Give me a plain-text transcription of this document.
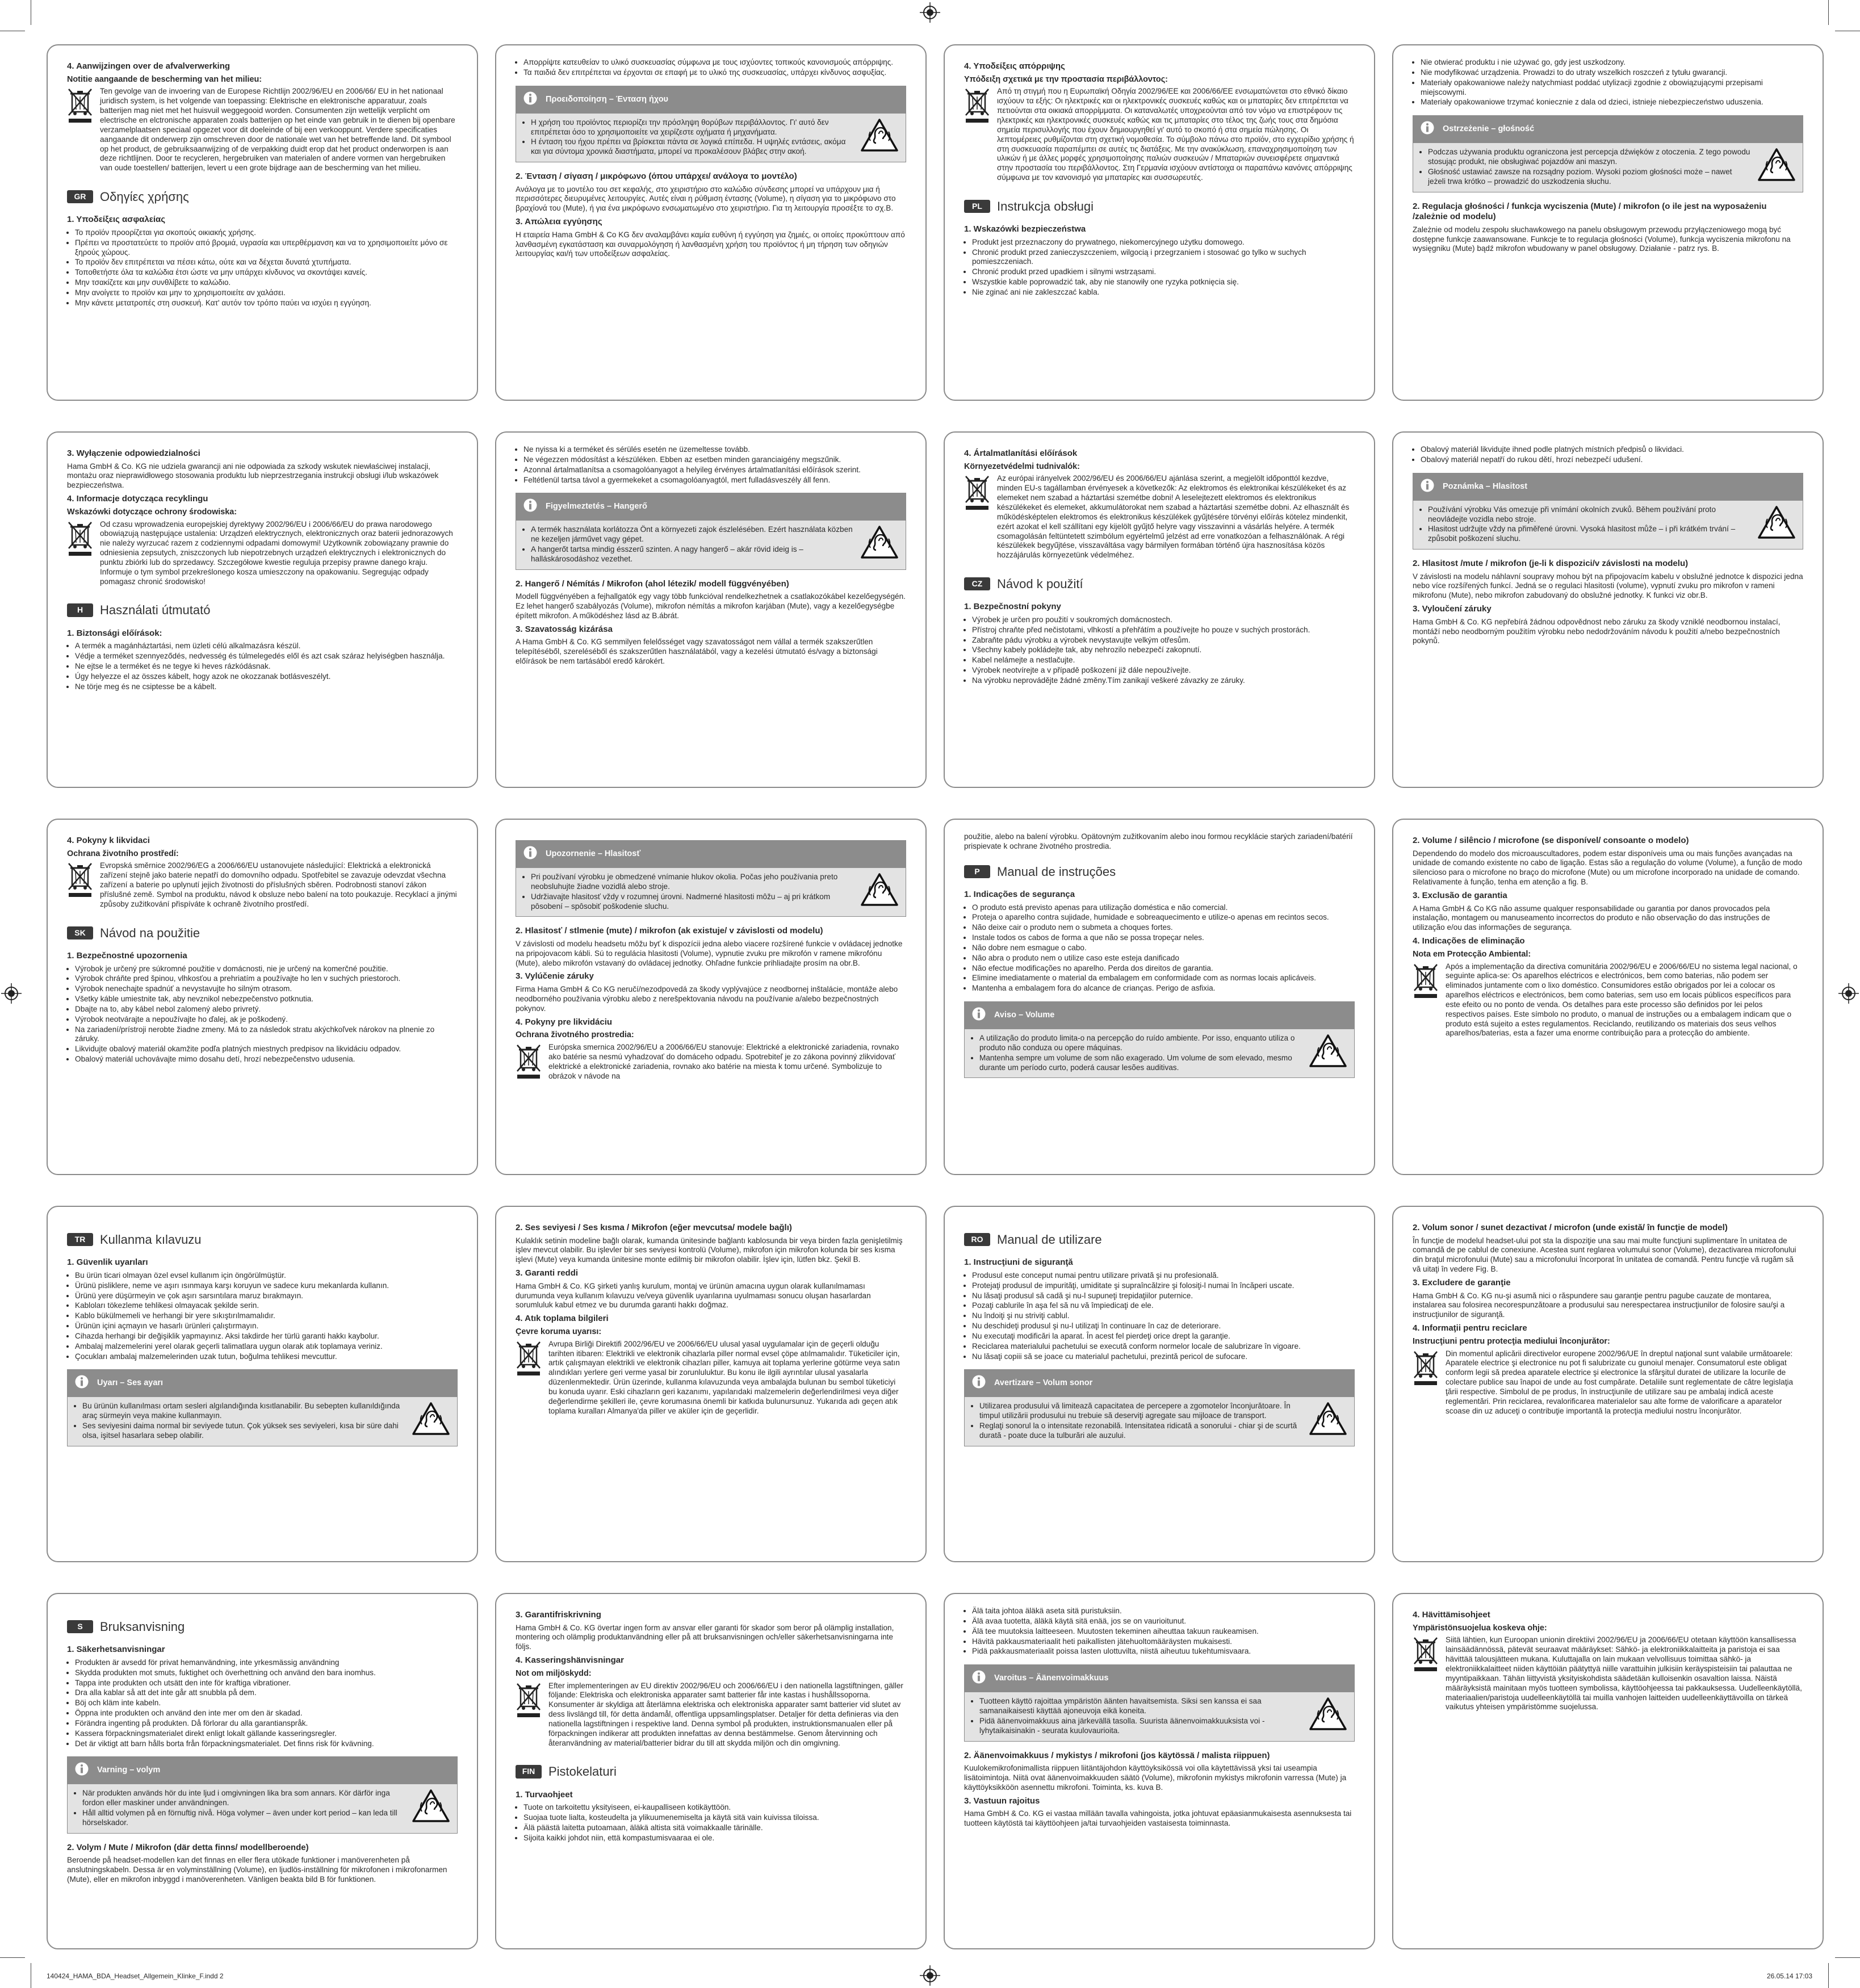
4. Aanwijzingen over de afvalverwerking
Notitie aangaande de bescherming van het milieu:

Ten gevolge van de invoering van de Europese Richtlijn 2002/96/EU en 2006/66/ EU in het nationaal juridisch system, is het volgende van toepassing: Elektrische en elektronische apparatuur, zoals batterijen mag niet met het huisvuil weggegooid worden. Consumenten zijn wettelijk verplicht om electrische en elctronische apparaten zoals batterijen op het einde van gebruik in te dienen bij openbare verzamelplaatsen speciaal opgezet voor dit doeleinde of bij een verkooppunt. Verdere specificaties aangaande dit onderwerp zijn omschreven door de nationale wet van het betreffende land. Dit symbool op het product, de gebruiksaanwijzing of de verpakking duidt erop dat het product onderworpen is aan deze richtlijnen. Door te recycleren, hergebruiken van materialen of andere vormen van hergebruiken van oude toestellen/ batterijen, levert u een grote bijdrage aan de bescherming van het milieu.

GR	Οδηγίες χρήσης
1. Υποδείξεις ασφαλείας
• Το προϊόν προορίζεται για σκοπούς οικιακής χρήσης.
• Πρέπει να προστατεύετε το προϊόν από βρομιά, υγρασία και υπερθέρμανση και να το χρησιμοποιείτε μόνο σε ξηρούς χώρους.
• Το προϊόν δεν επιτρέπεται να πέσει κάτω, ούτε και να δέχεται δυνατά χτυπήματα.
• Τοποθετήστε όλα τα καλώδια έτσι ώστε να μην υπάρχει κίνδυνος να σκοντάψει κανείς.
• Μην τσακίζετε και μην συνθλίβετε το καλώδιο.
• Μην ανοίγετε το προϊόν και μην το χρησιμοποιείτε αν χαλάσει.
• Μην κάνετε μετατροπές στη συσκευή. Κατ' αυτόν τον τρόπο παύει να ισχύει η εγγύηση.
• Απορρίψτε κατευθείαν το υλικό συσκευασίας σύμφωνα με τους ισχύοντες τοπικούς κανονισμούς απόρριψης.
• Τα παιδιά δεν επιτρέπεται να έρχονται σε επαφή με το υλικό της συσκευασίας, υπάρχει κίνδυνος ασφυξίας.
Προειδοποίηση – Ένταση ήχου
• Η χρήση του προϊόντος περιορίζει την πρόσληψη θορύβων περιβάλλοντος. Γι' αυτό δεν επιτρέπεται όσο το χρησιμοποιείτε να χειρίζεστε οχήματα ή μηχανήματα.
• Η ένταση του ήχου πρέπει να βρίσκεται πάντα σε λογικά επίπεδα. Η υψηλές εντάσεις, ακόμα και για σύντομα χρονικά διαστήματα, μπορεί να προκαλέσουν βλάβες στην ακοή.
2. Ένταση / σίγαση / μικρόφωνο (όπου υπάρχει/ ανάλογα το μοντέλο)

Ανάλογα με το μοντέλο του σετ κεφαλής, στο χειριστήριο στο καλώδιο σύνδεσης μπορεί να υπάρχουν μια ή περισσότερες διευρυμένες λειτουργίες. Αυτές είναι η ρύθμιση έντασης (Volume), η σίγαση για το μικρόφωνο στο βραχίονά του (Mute), ή για ένα μικρόφωνο ενσωματωμένο στο χειριστήριο. Για τη λειτουργία προσέξτε το σχ.B.

3. Απώλεια εγγύησης

Η εταιρεία Hama GmbH & Co KG δεν αναλαμβάνει καμία ευθύνη ή εγγύηση για ζημιές, οι οποίες προκύπτουν από λανθασμένη εγκατάσταση και συναρμολόγηση ή λανθασμένη χρήση του προϊόντος ή μη τήρηση των οδηγιών λειτουργίας και/ή των υποδείξεων ασφαλείας.

4. Υποδείξεις απόρριψης
Υπόδειξη σχετικά με την προστασία περιβάλλοντος:

Από τη στιγμή που η Ευρωπαϊκή Οδηγία 2002/96/EE και 2006/66/EE ενσωματώνεται στο εθνικό δίκαιο ισχύουν τα εξής: Οι ηλεκτρικές και οι ηλεκτρονικές συσκευές καθώς και οι μπαταρίες δεν επιτρέπεται να πετιούνται στα οικιακά απορρίμματα. Οι καταναλωτές υποχρεούνται από τον νόμο να επιστρέφουν τις ηλεκτρικές και ηλεκτρονικές συσκευές καθώς και τις μπαταρίες στο τέλος της ζωής τους στα δημόσια σημεία περισυλλογής που έχουν δημιουργηθεί γι' αυτό το σκοπό ή στα σημεία πώλησης. Οι λεπτομέρειες ρυθμίζονται στη σχετική νομοθεσία. Το σύμβολο πάνω στο προϊόν, στο εγχειρίδιο χρήσης ή στη συσκευασία παραπέμπει σε αυτές τις διατάξεις. Με την ανακύκλωση, επαναχρησιμοποίηση των υλικών ή με άλλες μορφές χρησιμοποίησης παλιών συσκευών / Μπαταριών συνεισφέρετε σημαντικά στην προστασία του περιβάλλοντος. Στη Γερμανία ισχύουν αντίστοιχα οι παραπάνω κανόνες απόρριψης σύμφωνα με τον κανονισμό για μπαταρίες και συσσωρευτές.

PL	Instrukcja obsługi
1. Wskazówki bezpieczeństwa
• Produkt jest przeznaczony do prywatnego, niekomercyjnego użytku domowego.
• Chronić produkt przed zanieczyszczeniem, wilgocią i przegrzaniem i stosować go tylko w suchych pomieszczeniach.
• Chronić produkt przed upadkiem i silnymi wstrząsami.
• Wszystkie kable poprowadzić tak, aby nie stanowiły one ryzyka potknięcia się.
• Nie zginać ani nie zakleszczać kabla.
• Nie otwierać produktu i nie używać go, gdy jest uszkodzony.
• Nie modyfikować urządzenia. Prowadzi to do utraty wszelkich roszczeń z tytułu gwarancji.
• Materiały opakowaniowe należy natychmiast poddać utylizacji zgodnie z obowiązującymi przepisami miejscowymi.
• Materiały opakowaniowe trzymać koniecznie z dala od dzieci, istnieje niebezpieczeństwo uduszenia.
Ostrzeżenie – głośność
• Podczas używania produktu ograniczona jest percepcja dźwięków z otoczenia. Z tego powodu stosując produkt, nie obsługiwać pojazdów ani maszyn.
• Głośność ustawiać zawsze na rozsądny poziom. Wysoki poziom głośności może – nawet jeżeli trwa krótko – prowadzić do uszkodzenia słuchu.
2. Regulacja głośności / funkcja wyciszenia (Mute) / mikrofon (o ile jest na wyposażeniu /zależnie od modelu)

Zależnie od modelu zespołu słuchawkowego na panelu obsługowym przewodu przyłączeniowego mogą być dostępne funkcje zaawansowane. Funkcje te to regulacja głośności (Volume), funkcja wyciszenia mikrofonu na wysięgniku (Mute) bądź mikrofon wbudowany w panel obsługowy. Działanie - patrz rys. B.

3. Wyłączenie odpowiedzialności

Hama GmbH & Co. KG nie udziela gwarancji ani nie odpowiada za szkody wskutek niewłaściwej instalacji, montażu oraz nieprawidłowego stosowania produktu lub nieprzestrzegania instrukcji obsługi i/lub wskazówek bezpieczeństwa.

4. Informacje dotycząca recyklingu
Wskazówki dotyczące ochrony środowiska:

Od czasu wprowadzenia europejskiej dyrektywy 2002/96/EU i 2006/66/EU do prawa narodowego obowiązują następujące ustalenia: Urządzeń elektrycznych, elektronicznych oraz baterii jednorazowych nie należy wyrzucać razem z codziennymi odpadami domowymi! Użytkownik zobowiązany prawnie do odniesienia zepsutych, zniszczonych lub niepotrzebnych urządzeń elektrycznych i elektronicznych do punktu zbiórki lub do sprzedawcy. Szczegółowe kwestie reguluja przepisy prawne danego kraju. Informuje o tym symbol przekreślonego kosza umieszczony na opakowaniu. Segregując odpady pomagasz chronić środowisko!

H	Használati útmutató
1. Biztonsági előírások:
• A termék a magánháztartási, nem üzleti célú alkalmazásra készül.
• Védje a terméket szennyeződés, nedvesség és túlmelegedés elől és azt csak száraz helyiségben használja.
• Ne ejtse le a terméket és ne tegye ki heves rázkódásnak.
• Úgy helyezze el az összes kábelt, hogy azok ne okozzanak botlásveszélyt.
• Ne törje meg és ne csiptesse be a kábelt.
• Ne nyissa ki a terméket és sérülés esetén ne üzemeltesse tovább.
• Ne végezzen módosítást a készüléken. Ebben az esetben minden garanciaigény megszűnik.
• Azonnal ártalmatlanítsa a csomagolóanyagot a helyileg érvényes ártalmatlanítási előírások szerint.
• Feltétlenül tartsa távol a gyermekeket a csomagolóanyagtól, mert fulladásveszély áll fenn.
Figyelmeztetés – Hangerő
• A termék használata korlátozza Önt a környezeti zajok észlelésében. Ezért használata közben ne kezeljen járművet vagy gépet.
• A hangerőt tartsa mindig ésszerű szinten. A nagy hangerő – akár rövid ideig is – halláskárosodáshoz vezethet.
2. Hangerő / Némítás / Mikrofon (ahol létezik/ modell függvényében)

Modell függvényében a fejhallgatók egy vagy több funkcióval rendelkezhetnek a csatlakozókábel kezelőegységén. Ez lehet hangerő szabályozás (Volume), mikrofon némítás a mikrofon karjában (Mute), vagy a kezelőegységbe épített mikrofon. A működéshez lásd az B.ábrát.

3. Szavatosság kizárása

A Hama GmbH & Co. KG semmilyen felelősséget vagy szavatosságot nem vállal a termék szakszerűtlen telepítéséből, szereléséből és szakszerűtlen használatából, vagy a kezelési útmutató és/vagy a biztonsági előírások be nem tartásából eredő károkért.

4. Ártalmatlanítási előírások
Környezetvédelmi tudnivalók:

Az európai irányelvek 2002/96/EU és 2006/66/EU ajánlása szerint, a megjelölt időponttól kezdve, minden EU-s tagállamban érvényesek a következők: Az elektromos és elektronikai készülékeket és az elemeket nem szabad a háztartási szemétbe dobni! A leselejtezett elektromos és elektronikus készülékeket és elemeket, akkumulátorokat nem szabad a háztartási szemétbe dobni. Az elhasznált és működésképtelen elektromos és elektronikus készülékek gyűjtésére törvényi előírás kötelez mindenkit, ezért azokat el kell szállítani egy kijelölt gyűjtő helyre vagy visszavinni a vásárlás helyére. A termék csomagolásán feltüntetett szimbólum egyértelmű jelzést ad erre vonatkozóan a felhasználónak. A régi készülékek begyűjtése, visszaváltása vagy bármilyen formában történő újra hasznosítása közös hozzájárulás környezetünk védelméhez.

CZ	Návod k použití
1. Bezpečnostní pokyny
• Výrobek je určen pro použití v soukromých domácnostech.
• Přístroj chraňte před nečistotami, vlhkostí a přehřátím a používejte ho pouze v suchých prostorách.
• Zabraňte pádu výrobku a výrobek nevystavujte velkým otřesům.
• Všechny kabely pokládejte tak, aby nehrozilo nebezpečí zakopnutí.
• Kabel nelámejte a nestlačujte.
• Výrobek neotvírejte a v případě poškození již dále nepoužívejte.
• Na výrobku neprovádějte žádné změny.Tím zanikají veškeré závazky ze záruky.
• Obalový materiál likvidujte ihned podle platných místních předpisů o likvidaci.
• Obalový materiál nepatří do rukou dětí, hrozí nebezpečí udušení.
Poznámka – Hlasitost
• Používání výrobku Vás omezuje při vnímání okolních zvuků. Během používání proto neovládejte vozidla nebo stroje.
• Hlasitost udržujte vždy na přiměřené úrovni. Vysoká hlasitost může – i při krátkém trvání – způsobit poškození sluchu.
2. Hlasitost /mute / mikrofon (je-li k dispozici/v závislosti na modelu)

V závislosti na modelu náhlavní soupravy mohou být na připojovacím kabelu v obslužné jednotce k dispozici jedna nebo více rozšířených funkcí. Jedná se o regulaci hlasitosti (volume), vypnutí zvuku pro mikrofon v rameni mikrofonu (Mute), nebo mikrofon zabudovaný do obslužné jednotky. K funkci viz obr.B.

3. Vyloučení záruky

Hama GmbH & Co. KG nepřebírá žádnou odpovědnost nebo záruku za škody vzniklé neodbornou instalací, montáží nebo neodborným použitím výrobku nebo nedodržováním návodu k použití a/nebo bezpečnostních pokynů.

4. Pokyny k likvidaci
Ochrana životního prostředí:

Evropská směrnice 2002/96/EG a 2006/66/EU ustanovujete následující: Elektrická a elektronická zařízení stejně jako baterie nepatří do domovního odpadu. Spotřebitel se zavazuje odevzdat všechna zařízení a baterie po uplynutí jejich životnosti do příslušných sběren. Podrobnosti stanoví zákon příslušné země. Symbol na produktu, návod k obsluze nebo balení na toto poukazuje. Recyklací a jinými způsoby zužitkování přispíváte k ochraně životního prostředí.

SK	Návod na použitie
1. Bezpečnostné upozornenia
• Výrobok je určený pre súkromné použitie v domácnosti, nie je určený na komerčné použitie.
• Výrobok chráňte pred špinou, vlhkosťou a prehriatím a používajte ho len v suchých priestoroch.
• Výrobok nenechajte spadnúť a nevystavujte ho silným otrasom.
• Všetky káble umiestnite tak, aby nevznikol nebezpečenstvo potknutia.
• Dbajte na to, aby kábel nebol zalomený alebo privretý.
• Výrobok neotvárajte a nepoužívajte ho ďalej, ak je poškodený.
• Na zariadení/prístroji nerobte žiadne zmeny. Má to za následok stratu akýchkoľvek nárokov na plnenie zo záruky.
• Likvidujte obalový materiál okamžite podľa platných miestnych predpisov na likvidáciu odpadov.
• Obalový materiál uchovávajte mimo dosahu detí, hrozí nebezpečenstvo udusenia.
Upozornenie – Hlasitosť
• Pri používaní výrobku je obmedzené vnímanie hlukov okolia. Počas jeho používania preto neobsluhujte žiadne vozidlá alebo stroje.
• Udržiavajte hlasitosť vždy v rozumnej úrovni. Nadmerné hlasitosti môžu – aj pri krátkom pôsobení – spôsobiť poškodenie sluchu.
2. Hlasitosť / stlmenie (mute) / mikrofon (ak existuje/ v závislosti od modelu)

V závislosti od modelu headsetu môžu byť k dispozícii jedna alebo viacere rozšírené funkcie v ovládacej jednotke na pripojovacom kábli. Sú to regulácia hlasitosti (Volume), vypnutie zvuku pre mikrofón v ramene mikrofónu (Mute), alebo mikrofón vstavaný do ovládacej jednotky. Ohľadne funkcie prihliadajte prosím na obr.B.

3. Vylúčenie záruky

Firma Hama GmbH & Co KG neručí/nezodpovedá za škody vyplývajúce z neodbornej inštalácie, montáže alebo neodborného používania výrobku alebo z nerešpektovania návodu na používanie a/alebo bezpečnostných pokynov.

4. Pokyny pre likvidáciu
Ochrana životného prostredia:

Európska smernica 2002/96/EU a 2006/66/EU stanovuje: Elektrické a elektronické zariadenia, rovnako ako batérie sa nesmú vyhadzovať do domáceho odpadu. Spotrebiteľ je zo zákona povinný zlikvidovať elektrické a elektronické zariadenia, rovnako ako batérie na miesta k tomu určené. Symbolizuje to obrázok v návode na

použitie, alebo na balení výrobku. Opätovným zužitkovaním alebo inou formou recyklácie starých zariadení/batérií prispievate k ochrane životného prostredia.

P	Manual de instruções
1. Indicações de segurança
• O produto está previsto apenas para utilização doméstica e não comercial.
• Proteja o aparelho contra sujidade, humidade e sobreaquecimento e utilize-o apenas em recintos secos.
• Não deixe cair o produto nem o submeta a choques fortes.
• Instale todos os cabos de forma a que não se possa tropeçar neles.
• Não dobre nem esmague o cabo.
• Não abra o produto nem o utilize caso este esteja danificado
• Não efectue modificações no aparelho. Perda dos direitos de garantia.
• Elimine imediatamente o material da embalagem em conformidade com as normas locais aplicáveis.
• Mantenha a embalagem fora do alcance de crianças. Perigo de asfixia.
Aviso – Volume
• A utilização do produto limita-o na percepção do ruído ambiente. Por isso, enquanto utiliza o produto não conduza ou opere máquinas.
• Mantenha sempre um volume de som não exagerado. Um volume de som elevado, mesmo durante um período curto, poderá causar lesões auditivas.
2. Volume / silêncio / microfone (se disponível/ consoante o modelo)

Dependendo do modelo dos microauscultadores, podem estar disponíveis uma ou mais funções avançadas na unidade de comando existente no cabo de ligação. Estas são a regulação do volume (Volume), a função de modo silencioso para o microfone no braço do microfone (Mute) ou um microfone incorporado na unidade de comando. Relativamente à função, tenha em atenção a fig. B.

3. Exclusão de garantia

A Hama GmbH & Co KG não assume qualquer responsabilidade ou garantia por danos provocados pela instalação, montagem ou manuseamento incorrectos do produto e não observação do das instruções de utilização e/ou das informações de segurança.

4. Indicações de eliminação
Nota em Protecção Ambiental:

Após a implementação da directiva comunitária 2002/96/EU e 2006/66/EU no sistema legal nacional, o seguinte aplica-se: Os aparelhos eléctricos e electrónicos, bem como baterias, não podem ser eliminados juntamente com o lixo doméstico. Consumidores estão obrigados por lei a colocar os aparelhos eléctricos e electrónicos, bem como baterias, sem uso em locais públicos específicos para este efeito ou no ponto de venda. Os detalhes para este processo são definidos por lei pelos respectivos países. Este símbolo no produto, o manual de instruções ou a embalagem indicam que o produto está sujeito a estes regulamentos. Reciclando, reutilizando os materiais dos seus velhos aparelhos/baterias, esta a fazer uma enorme contribuição para a protecção do ambiente.

TR	Kullanma kılavuzu
1. Güvenlik uyarıları
• Bu ürün ticari olmayan özel evsel kullanım için öngörülmüştür.
• Ürünü pisliklere, neme ve aşırı ısınmaya karşı koruyun ve sadece kuru mekanlarda kullanın.
• Ürünü yere düşürmeyin ve çok aşırı sarsıntılara maruz bırakmayın.
• Kabloları tökezleme tehlikesi olmayacak şekilde serin.
• Kablo bükülmemeli ve herhangi bir yere sıkıştırılmamalıdır.
• Ürünün içini açmayın ve hasarlı ürünleri çalıştırmayın.
• Cihazda herhangi bir değişiklik yapmayınız. Aksi takdirde her türlü garanti hakkı kaybolur.
• Ambalaj malzemelerini yerel olarak geçerli talimatlara uygun olarak atık toplamaya veriniz.
• Çocukları ambalaj malzemelerinden uzak tutun, boğulma tehlikesi mevcuttur.
Uyarı – Ses ayarı
• Bu ürünün kullanılması ortam sesleri algılandığında kısıtlanabilir. Bu sebepten kullanıldığında araç sürmeyin veya makine kullanmayın.
• Ses seviyesini daima normal bir seviyede tutun. Çok yüksek ses seviyeleri, kısa bir süre dahi olsa, işitsel hasarlara sebep olabilir.
2. Ses seviyesi / Ses kısma / Mikrofon (eğer mevcutsa/ modele bağlı)

Kulaklık setinin modeline bağlı olarak, kumanda ünitesinde bağlantı kablosunda bir veya birden fazla genişletilmiş işlev mevcut olabilir. Bu işlevler bir ses seviyesi kontrolü (Volume), mikrofon için mikrofon kolunda bir ses kısma işlevi (Mute) veya kumanda ünitesine monte edilmiş bir mikrofon olabilir. İşlev için, lütfen bkz. Şekil B.

3. Garanti reddi

Hama GmbH & Co. KG şirketi yanlış kurulum, montaj ve ürünün amacına uygun olarak kullanılmaması durumunda veya kullanım kılavuzu ve/veya güvenlik uyarılarına uyulmaması sonucu oluşan hasarlardan sorumluluk kabul etmez ve bu durumda garanti hakkı doğmaz.

4. Atık toplama bilgileri
Çevre koruma uyarısı:

Avrupa Birliği Direktifi 2002/96/EU ve 2006/66/EU ulusal yasal uygulamalar için de geçerli olduğu tarihten itibaren: Elektrikli ve elektronik cihazlarla piller normal evsel çöpe atılmamalıdır. Tüketiciler için, artık çalışmayan elektrikli ve elektronik cihazları piller, kamuya ait toplama yerlerine götürme veya satın alındıkları yerlere geri verme yasal bir zorunluluktur. Bu konu ile ilgili ayrıntılar ulusal yasalarla düzenlenmektedir. Ürün üzerinde, kullanma kılavuzunda veya ambalajda bulunan bu sembol tüketiciyi bu konuda uyarır. Eski cihazların geri kazanımı, yapılarıdaki malzemelerin değerlendirilmesi veya diğer değerlendirme şekilleri ile, çevre korumasına önemli bir katkıda bulunursunuz. Yukarıda adı geçen atık toplama kuralları Almanya'da piller ve aküler için de geçerlidir.

RO	Manual de utilizare
1. Instrucţiuni de siguranţă
• Produsul este conceput numai pentru utilizare privată şi nu profesională.
• Protejaţi produsul de impurităţi, umiditate şi supraîncălzire şi folosiţi-l numai în încăperi uscate.
• Nu lăsaţi produsul să cadă şi nu-l supuneţi trepidaţiilor puternice.
• Pozaţi cablurile în aşa fel să nu vă împiedicaţi de ele.
• Nu îndoiţi şi nu striviţi cablul.
• Nu deschideţi produsul şi nu-l utilizaţi în continuare în caz de deteriorare.
• Nu executaţi modificări la aparat. În acest fel pierdeţi orice drept la garanţie.
• Reciclarea materialului pachetului se execută conform normelor locale de salubrizare în vigoare.
• Nu lăsaţi copiii să se joace cu materialul pachetului, prezintă pericol de sufocare.
Avertizare – Volum sonor
• Utilizarea produsului vă limitează capacitatea de percepere a zgomotelor înconjurătoare. În timpul utilizării produsului nu trebuie să deserviţi agregate sau mijloace de transport.
• Reglaţi sonorul la o intensitate rezonabilă. Intensitatea ridicată a sonorului - chiar şi de scurtă durată - poate duce la tulburări ale auzului.
2. Volum sonor / sunet dezactivat / microfon (unde există/ în funcţie de model)

În funcţie de modelul headset-ului pot sta la dispoziţie una sau mai multe funcţiuni suplimentare în unitatea de comandă de pe cablul de conexiune. Acestea sunt reglarea volumului sonor (Volume), dezactivarea microfonului din braţul microfonului (Mute) sau a microfonului încorporat în unitatea de comandă. Pentru funcţie vă rugăm să vă uitaţi în vedere Fig. B.

3. Excludere de garanţie

Hama GmbH & Co. KG nu-şi asumă nici o răspundere sau garanţie pentru pagube cauzate de montarea, instalarea sau folosirea necorespunzătoare a produsului sau nerespectarea instrucţiunilor de folosire sau/şi a instrucţiunilor de siguranţă.

4. Informaţii pentru reciclare
Instrucţiuni pentru protecţia mediului înconjurător:

Din momentul aplicării directivelor europene 2002/96/UE în dreptul naţional sunt valabile următoarele: Aparatele electrice şi electronice nu pot fi salubrizate cu gunoiul menajer. Consumatorul este obligat conform legii să predea aparatele electrice şi electronice la sfârşitul duratei de utilizare la locurile de colectare publice sau înapoi de unde au fost cumpărate. Detaliile sunt reglementate de către legislaţia ţării respective. Simbolul de pe produs, în instrucţiunile de utilizare sau pe ambalaj indică aceste reglementări. Prin reciclarea, revalorificarea materialelor sau alte forme de valorificare a aparatelor scoase din uz aducеţi o contribuţie importantă la protecţia mediului nostru înconjurător.

S	Bruksanvisning
1. Säkerhetsanvisningar
• Produkten är avsedd för privat hemanvändning, inte yrkesmässig användning
• Skydda produkten mot smuts, fuktighet och överhettning och använd den bara inomhus.
• Tappa inte produkten och utsätt den inte för kraftiga vibrationer.
• Dra alla kablar så att det inte går att snubbla på dem.
• Böj och kläm inte kabeln.
• Öppna inte produkten och använd den inte mer om den är skadad.
• Förändra ingenting på produkten. Då förlorar du alla garantianspråk.
• Kassera förpackningsmaterialet direkt enligt lokalt gällande kasseringsregler.
• Det är viktigt att barn hålls borta från förpackningsmaterialet. Det finns risk för kvävning.
Varning – volym
• När produkten används hör du inte ljud i omgivningen lika bra som annars. Kör därför inga fordon eller maskiner under användningen.
• Håll alltid volymen på en förnuftig nivå. Höga volymer – även under kort period – kan leda till hörselskador.
2. Volym / Mute / Mikrofon (där detta finns/ modellberoende)

Beroende på headset-modellen kan det finnas en eller flera utökade funktioner i manöverenheten på anslutningskabeln. Dessa är en volyminställning (Volume), en ljudlös-inställning för mikrofonen i mikrofonarmen (Mute), eller en mikrofon inbyggd i manöverenheten. Vänligen beakta bild B för funktionen.

3. Garantifriskrivning

Hama GmbH & Co. KG övertar ingen form av ansvar eller garanti för skador som beror på olämplig installation, montering och olämplig produktanvändning eller på att bruksanvisningen och/eller säkerhetsanvisningarna inte följs.

4. Kasseringshänvisningar
Not om miljöskydd:

Efter implementeringen av EU direktiv 2002/96/EU och 2006/66/EU i den nationella lagstiftningen, gäller följande: Elektriska och elektroniska apparater samt batterier får inte kastas i hushållssoporna. Konsumenter är skyldiga att återlämna elektriska och elektroniska apparater samt batterier vid slutet av dess livslängd till, för detta ändamål, offentliga uppsamlingsplatser. Detaljer för detta definieras via den nationella lagstiftningen i respektive land. Denna symbol på produkten, instruktionsmanualen eller på förpackningen indikerar att produkten innefattas av denna bestämmelse. Genom återvinning och återanvändning av material/batterier bidrar du till att skydda miljön och din omgivning.

FIN	Pistokelaturi
1. Turvaohjeet
• Tuote on tarkoitettu yksityiseen, ei-kaupalliseen kotikäyttöön.
• Suojaa tuote lialta, kosteudelta ja ylikuumenemiselta ja käytä sitä vain kuivissa tiloissa.
• Älä päästä laitetta putoamaan, äläkä altista sitä voimakkaalle tärinälle.
• Sijoita kaikki johdot niin, että kompastumisvaaraa ei ole.
• Älä taita johtoa äläkä aseta sitä puristuksiin.
• Älä avaa tuotetta, äläkä käytä sitä enää, jos se on vaurioitunut.
• Älä tee muutoksia laitteeseen. Muutosten tekeminen aiheuttaa takuun raukeamisen.
• Hävitä pakkausmateriaalit heti paikallisten jätehuoltomääräysten mukaisesti.
• Pidä pakkausmateriaalit poissa lasten ulottuvilta, niistä aiheutuu tukehtumisvaara.
Varoitus – Äänenvoimakkuus
• Tuotteen käyttö rajoittaa ympäristön äänten havaitsemista. Siksi sen kanssa ei saa samanaikaisesti käyttää ajoneuvoja eikä koneita.
• Pidä äänenvoimakkuus aina järkevällä tasolla. Suurista äänenvoimakkuuksista voi - lyhytaikaisinakin - seurata kuulovaurioita.
2. Äänenvoimakkuus / mykistys / mikrofoni (jos käytössä / malista riippuen)

Kuulokemikrofonimallista riippuen liitäntäjohdon käyttöyksikössä voi olla käytettävissä yksi tai useampia lisätoimintoja. Niitä ovat äänenvoimakkuuden säätö (Volume), mikrofonin mykistys mikrofonin varressa (Mute) ja käyttöyksikköön asennettu mikrofoni. Toiminta, ks. kuva B.

3. Vastuun rajoitus

Hama GmbH & Co. KG ei vastaa millään tavalla vahingoista, jotka johtuvat epäasianmukaisesta asennuksesta tai tuotteen käytöstä tai käyttöohjeen ja/tai turvaohjeiden vastaisesta toiminnasta.

4. Hävittämisohjeet
Ympäristönsuojelua koskeva ohje:

Siitä lähtien, kun Euroopan unionin direktiivi 2002/96/EU ja 2006/66/EU otetaan käyttöön kansallisessa lainsäädännössä, pätevät seuraavat määräykset: Sähkö- ja elektroniikkalaitteita ja paristoja ei saa hävittää talousjätteen mukana. Kuluttajalla on lain mukaan velvollisuus toimittaa sähkö- ja elektroniikkalaitteet niiden käyttöiän päätyttyä niille varattuihin julkisiin keräyspisteisiin tai palauttaa ne myyntipaikkaan. Tähän liittyvistä yksityiskohdista säädetään kulloisenkin osavaltion laissa. Näistä määräyksistä mainitaan myös tuotteen symbolissa, käyttöohjeessa tai pakkauksessa. Uudelleenkäytöllä, materiaalien/paristoja uudelleenkäytöllä tai muilla vanhojen laitteiden uudelleenkäyttävoilla on tärkeä vaikutus yhteisen ympäristömme suojelussa.

140424_HAMA_BDA_Headset_Allgemein_Klinke_F.indd 2	26.05.14 17:03
